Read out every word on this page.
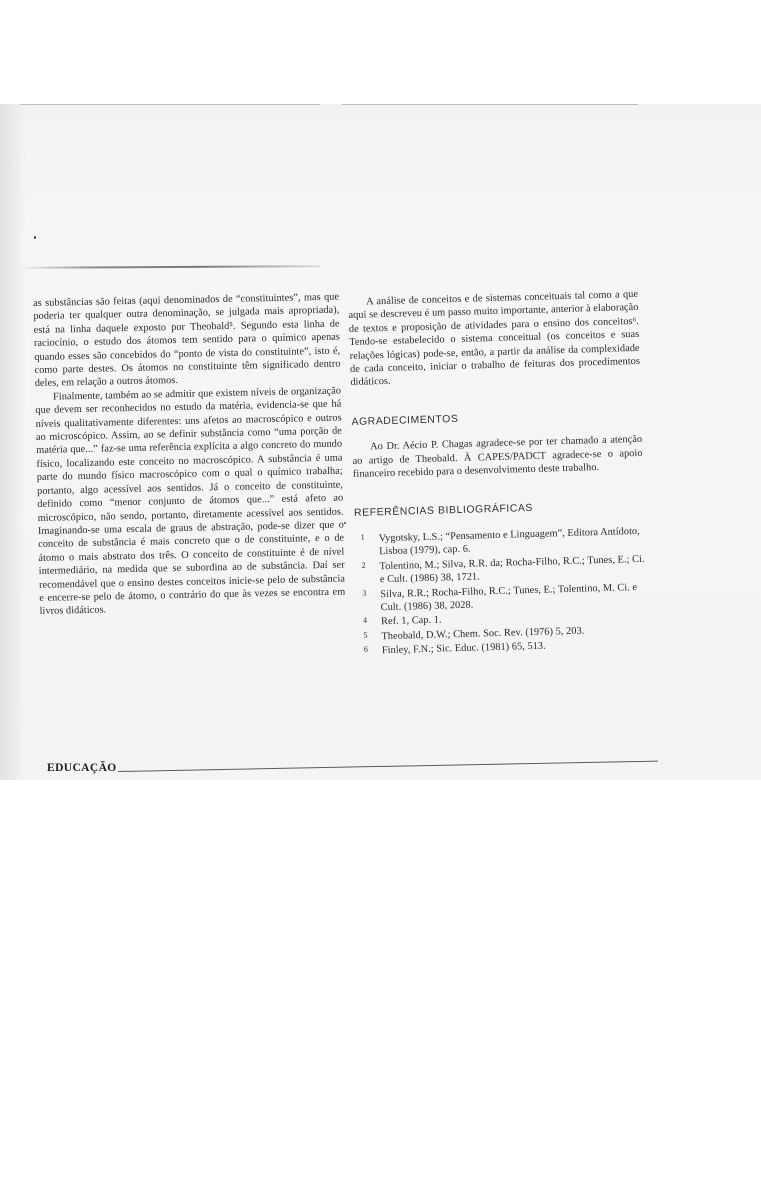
as substâncias são feitas (aqui denominados de “constituintes”, mas que poderia ter qualquer outra denominação, se julgada mais apropriada), está na linha daquele exposto por Theobald⁵. Segundo esta linha de raciocínio, o estudo dos átomos tem sentido para o químico apenas quando esses são concebidos do “ponto de vista do constituinte”, isto é, como parte destes. Os átomos no constituinte têm significado dentro deles, em relação a outros átomos.

Finalmente, também ao se admitir que existem níveis de organização que devem ser reconhecidos no estudo da matéria, evidencia-se que há níveis qualitativamente diferentes: uns afetos ao macroscópico e outros ao microscópico. Assim, ao se definir substância como “uma porção de matéria que...” faz-se uma referência explícita a algo concreto do mundo físico, localizando este conceito no macroscópico. A substância é uma parte do mundo físico macroscópico com o qual o químico trabalha; portanto, algo acessível aos sentidos. Já o conceito de constituinte, definido como “menor conjunto de átomos que...” está afeto ao microscópico, não sendo, portanto, diretamente acessível aos sentidos. Imaginando-se uma escala de graus de abstração, pode-se dizer que o conceito de substância é mais concreto que o de constituinte, e o de átomo o mais abstrato dos três. O conceito de constituinte é de nível intermediário, na medida que se subordina ao de substância. Daí ser recomendável que o ensino destes conceitos inicie-se pelo de substância e encerre-se pelo de átomo, o contrário do que às vezes se encontra em livros didáticos.

A análise de conceitos e de sistemas conceituais tal como a que aqui se descreveu é um passo muito importante, anterior à elaboração de textos e proposição de atividades para o ensino dos conceitos⁶. Tendo-se estabelecido o sistema conceitual (os conceitos e suas relações lógicas) pode-se, então, a partir da análise da complexidade de cada conceito, iniciar o trabalho de feituras dos procedimentos didáticos.

AGRADECIMENTOS

Ao Dr. Aécio P. Chagas agradece-se por ter chamado a atenção ao artigo de Theobald. À CAPES/PADCT agradece-se o apoio financeiro recebido para o desenvolvimento deste trabalho.

REFERÊNCIAS BIBLIOGRÁFICAS
1 Vygotsky, L.S.; “Pensamento e Linguagem”, Editora Antídoto, Lisboa (1979), cap. 6.
2 Tolentino, M.; Silva, R.R. da; Rocha-Filho, R.C.; Tunes, E.; Ci. e Cult. (1986) 38, 1721.
3 Silva, R.R.; Rocha-Filho, R.C.; Tunes, E.; Tolentino, M. Ci. e Cult. (1986) 38, 2028.
4 Ref. 1, Cap. 1.
5 Theobald, D.W.; Chem. Soc. Rev. (1976) 5, 203.
6 Finley, F.N.; Sic. Educ. (1981) 65, 513.
EDUCAÇÃO
